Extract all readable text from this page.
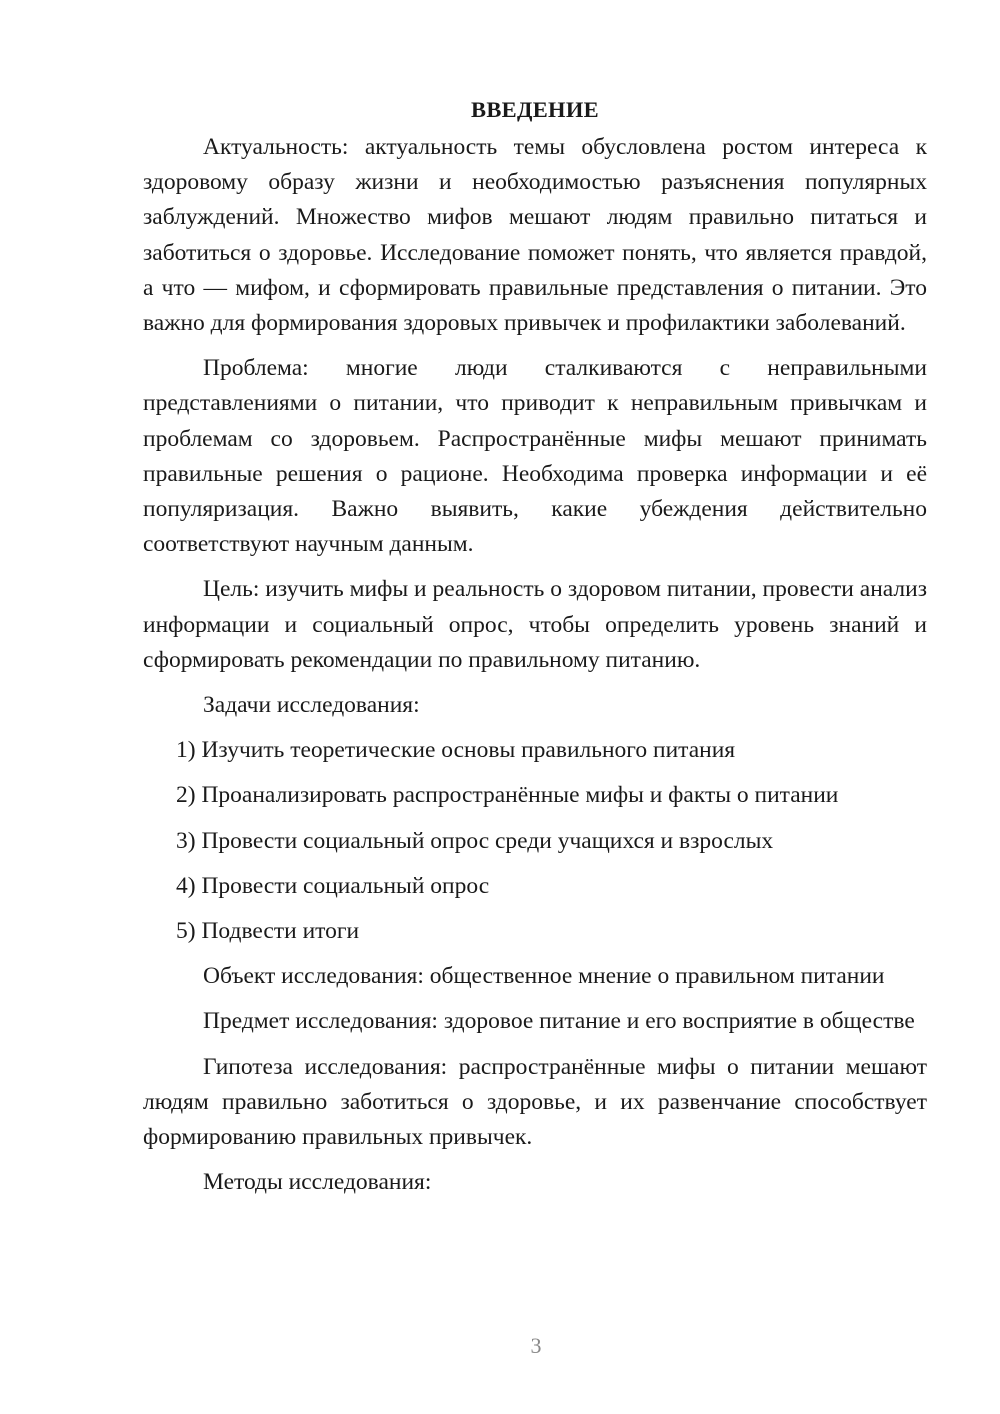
ВВЕДЕНИЕ

Актуальность: актуальность темы обусловлена ростом интереса к здоровому образу жизни и необходимостью разъяснения популярных заблуждений. Множество мифов мешают людям правильно питаться и заботиться о здоровье. Исследование поможет понять, что является правдой, а что — мифом, и сформировать правильные представления о питании. Это важно для формирования здоровых привычек и профилактики заболеваний.

Проблема: многие люди сталкиваются с неправильными представлениями о питании, что приводит к неправильным привычкам и проблемам со здоровьем. Распространённые мифы мешают принимать правильные решения о рационе. Необходима проверка информации и её популяризация. Важно выявить, какие убеждения действительно соответствуют научным данным.

Цель: изучить мифы и реальность о здоровом питании, провести анализ информации и социальный опрос, чтобы определить уровень знаний и сформировать рекомендации по правильному питанию.

Задачи исследования:

1) Изучить теоретические основы правильного питания

2) Проанализировать распространённые мифы и факты о питании

3) Провести социальный опрос среди учащихся и взрослых

4) Провести социальный опрос

5) Подвести итоги

Объект исследования: общественное мнение о правильном питании

Предмет исследования: здоровое питание и его восприятие в обществе

Гипотеза исследования: распространённые мифы о питании мешают людям правильно заботиться о здоровье, и их развенчание способствует формированию правильных привычек.

Методы исследования:

3
